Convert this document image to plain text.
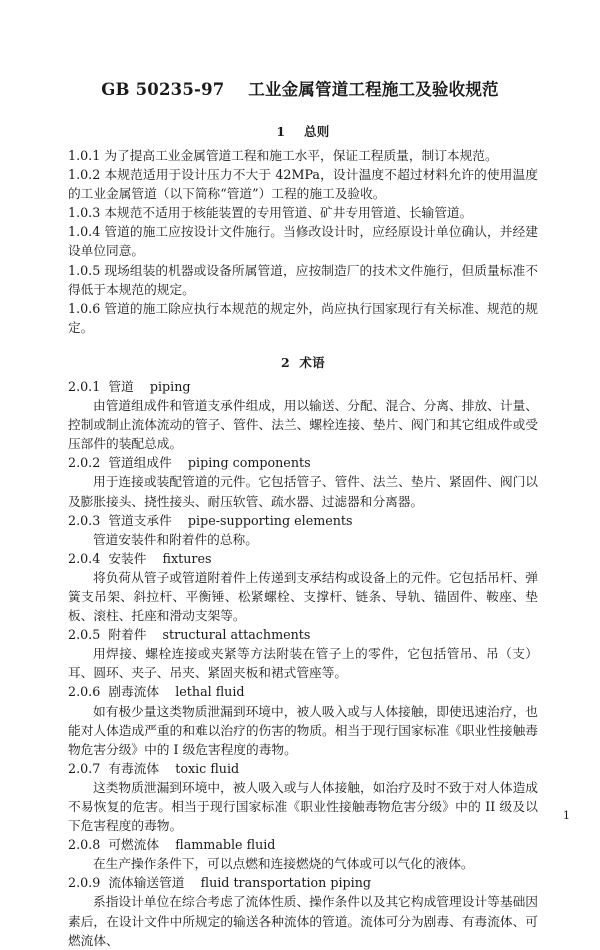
GB 50235-97    工业金属管道工程施工及验收规范
1    总则

1.0.1 为了提高工业金属管道工程和施工水平，保证工程质量，制订本规范。

1.0.2 本规范适用于设计压力不大于 42MPa，设计温度不超过材料允许的使用温度的工业金属管道（以下简称“管道”）工程的施工及验收。

1.0.3 本规范不适用于核能装置的专用管道、矿井专用管道、长输管道。

1.0.4 管道的施工应按设计文件施行。当修改设计时，应经原设计单位确认，并经建设单位同意。

1.0.5 现场组装的机器或设备所属管道，应按制造厂的技术文件施行，但质量标准不得低于本规范的规定。

1.0.6 管道的施工除应执行本规范的规定外，尚应执行国家现行有关标准、规范的规定。

2  术语

2.0.1  管道    piping

由管道组成件和管道支承件组成，用以输送、分配、混合、分离、排放、计量、控制或制止流体流动的管子、管件、法兰、螺栓连接、垫片、阀门和其它组成件或受压部件的装配总成。

2.0.2  管道组成件    piping components

用于连接或装配管道的元件。它包括管子、管件、法兰、垫片、紧固件、阀门以及膨胀接头、挠性接头、耐压软管、疏水器、过滤器和分离器。

2.0.3  管道支承件    pipe-supporting elements

管道安装件和附着件的总称。

2.0.4  安装件    fixtures

将负荷从管子或管道附着件上传递到支承结构或设备上的元件。它包括吊杆、弹簧支吊架、斜拉杆、平衡锤、松紧螺栓、支撑杆、链条、导轨、锚固件、鞍座、垫板、滚柱、托座和滑动支架等。

2.0.5  附着件    structural attachments

用焊接、螺栓连接或夹紧等方法附装在管子上的零件，它包括管吊、吊（支）耳、圆环、夹子、吊夹、紧固夹板和裙式管座等。

2.0.6  剧毒流体    lethal fluid

如有极少量这类物质泄漏到环境中，被人吸入或与人体接触，即使迅速治疗，也能对人体造成严重的和难以治疗的伤害的物质。相当于现行国家标准《职业性接触毒物危害分级》中的 I 级危害程度的毒物。

2.0.7  有毒流体    toxic fluid

这类物质泄漏到环境中，被人吸入或与人体接触，如治疗及时不致于对人体造成不易恢复的危害。相当于现行国家标准《职业性接触毒物危害分级》中的 II 级及以下危害程度的毒物。

2.0.8  可燃流体    flammable fluid

在生产操作条件下，可以点燃和连接燃烧的气体或可以气化的液体。

2.0.9  流体输送管道    fluid transportation piping

系指设计单位在综合考虑了流体性质、操作条件以及其它构成管理设计等基础因素后，在设计文件中所规定的输送各种流体的管道。流体可分为剧毒、有毒流体、可燃流体、

1
